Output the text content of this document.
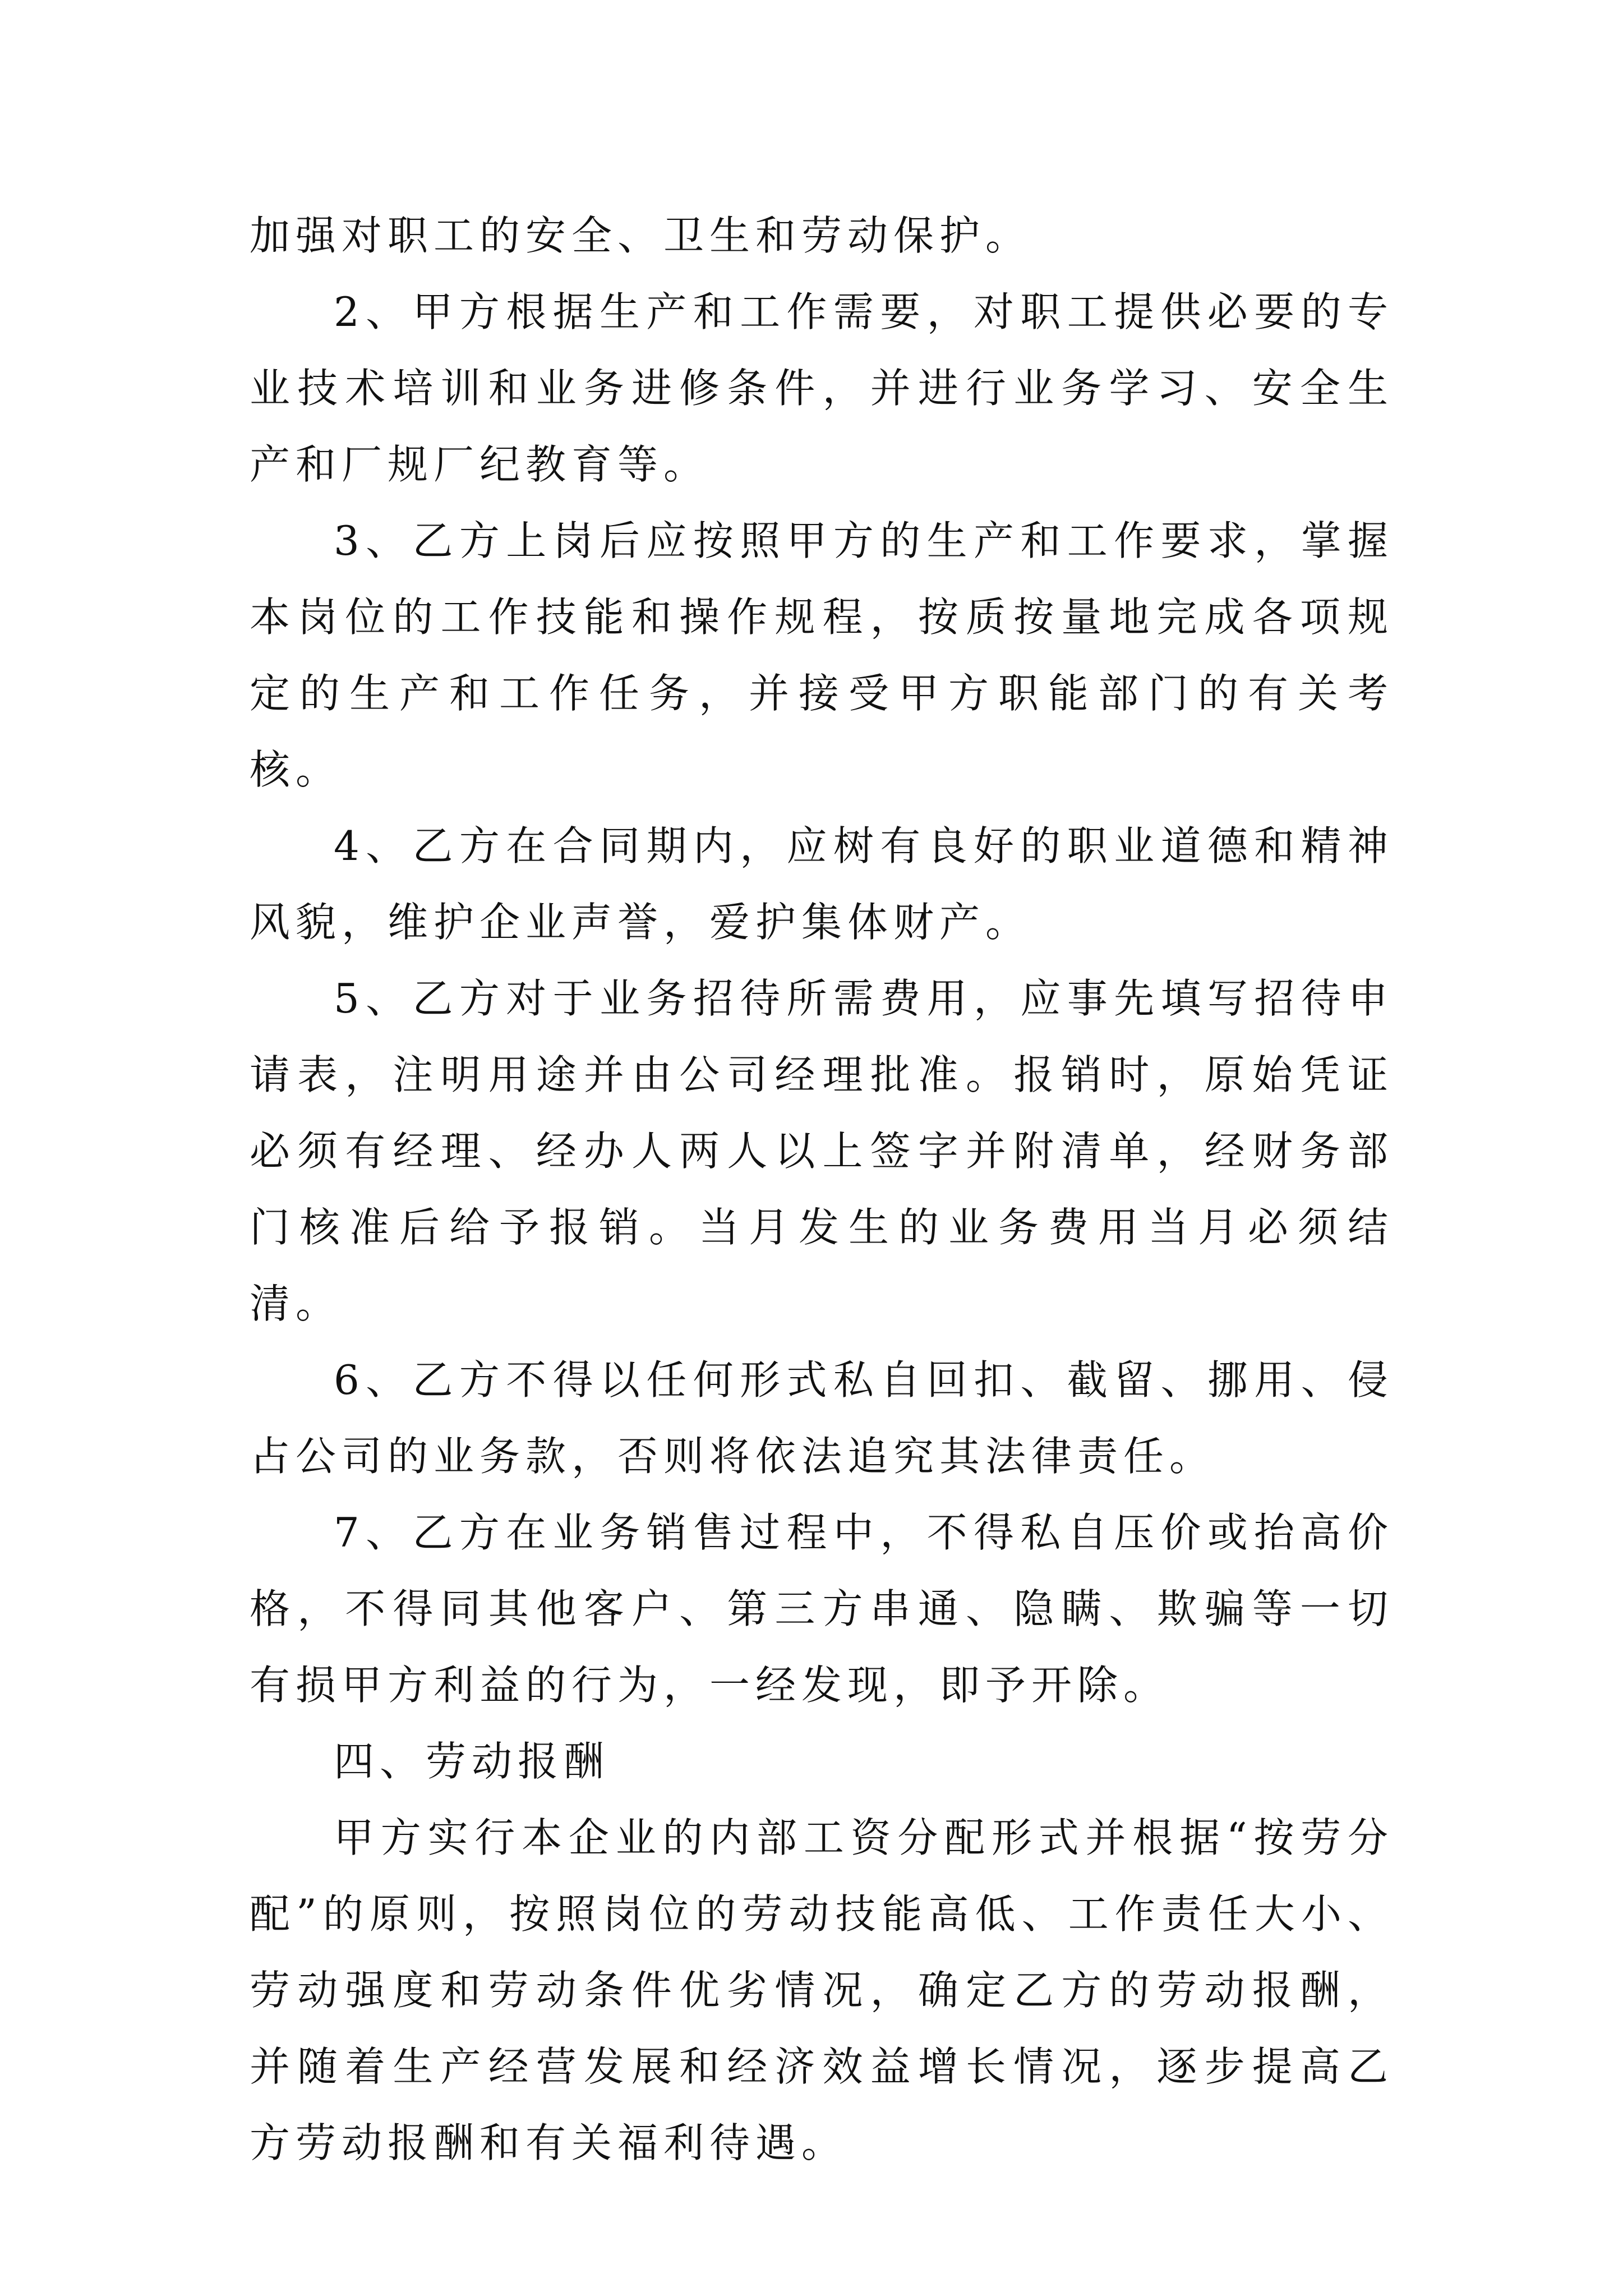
加强对职工的安全、卫生和劳动保护。

2、甲方根据生产和工作需要，对职工提供必要的专业技术培训和业务进修条件，并进行业务学习、安全生产和厂规厂纪教育等。

3、乙方上岗后应按照甲方的生产和工作要求，掌握本岗位的工作技能和操作规程，按质按量地完成各项规定的生产和工作任务，并接受甲方职能部门的有关考核。

4、乙方在合同期内，应树有良好的职业道德和精神风貌，维护企业声誉，爱护集体财产。

5、乙方对于业务招待所需费用，应事先填写招待申请表，注明用途并由公司经理批准。报销时，原始凭证必须有经理、经办人两人以上签字并附清单，经财务部门核准后给予报销。当月发生的业务费用当月必须结清。

6、乙方不得以任何形式私自回扣、截留、挪用、侵占公司的业务款，否则将依法追究其法律责任。

7、乙方在业务销售过程中，不得私自压价或抬高价格，不得同其他客户、第三方串通、隐瞒、欺骗等一切有损甲方利益的行为，一经发现，即予开除。

四、劳动报酬

甲方实行本企业的内部工资分配形式并根据“按劳分配”的原则，按照岗位的劳动技能高低、工作责任大小、劳动强度和劳动条件优劣情况，确定乙方的劳动报酬，并随着生产经营发展和经济效益增长情况，逐步提高乙方劳动报酬和有关福利待遇。
